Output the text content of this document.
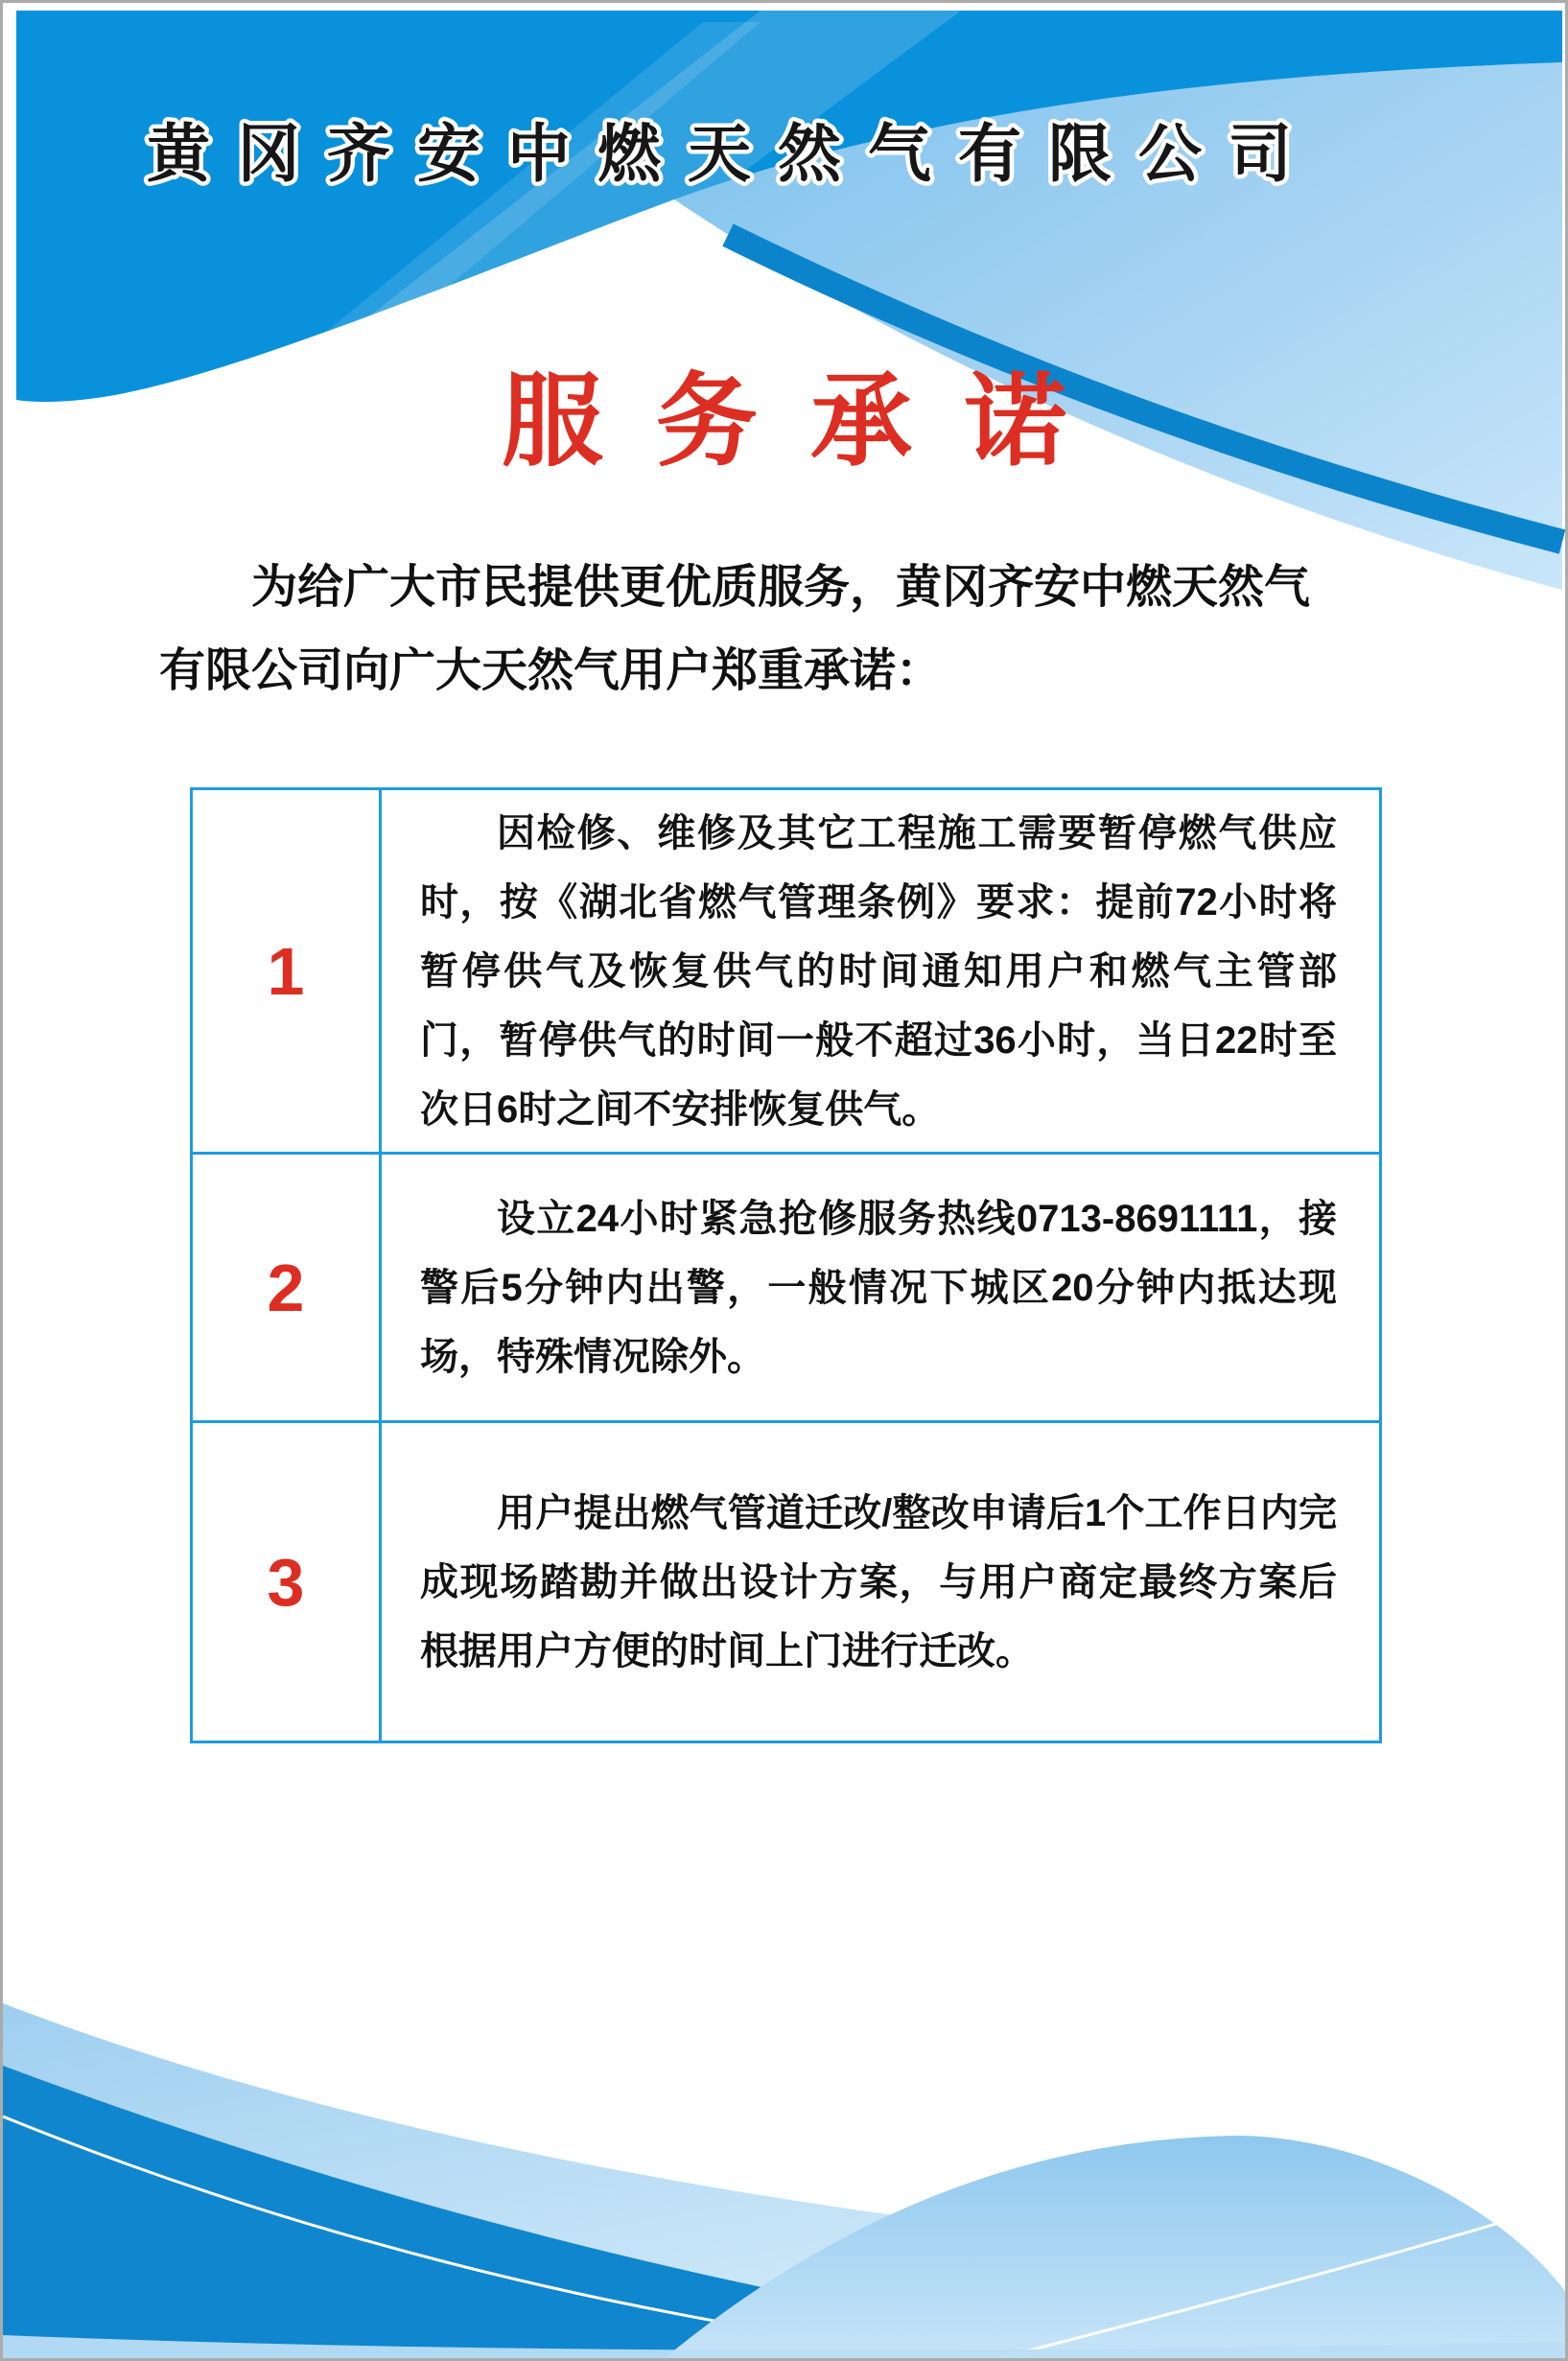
黄冈齐安中燃天然气有限公司
服务承诺
为给广大市民提供更优质服务，黄冈齐安中燃天然气有限公司向广大天然气用户郑重承诺：
1	因检修、维修及其它工程施工需要暂停燃气供应时，按《湖北省燃气管理条例》要求：提前72小时将暂停供气及恢复供气的时间通知用户和燃气主管部门，暂停供气的时间一般不超过36小时，当日22时至次日6时之间不安排恢复供气。
2	设立24小时紧急抢修服务热线0713-8691111，接警后5分钟内出警，一般情况下城区20分钟内抵达现场，特殊情况除外。
3	用户提出燃气管道迁改/整改申请后1个工作日内完成现场踏勘并做出设计方案，与用户商定最终方案后根据用户方便的时间上门进行迁改。
